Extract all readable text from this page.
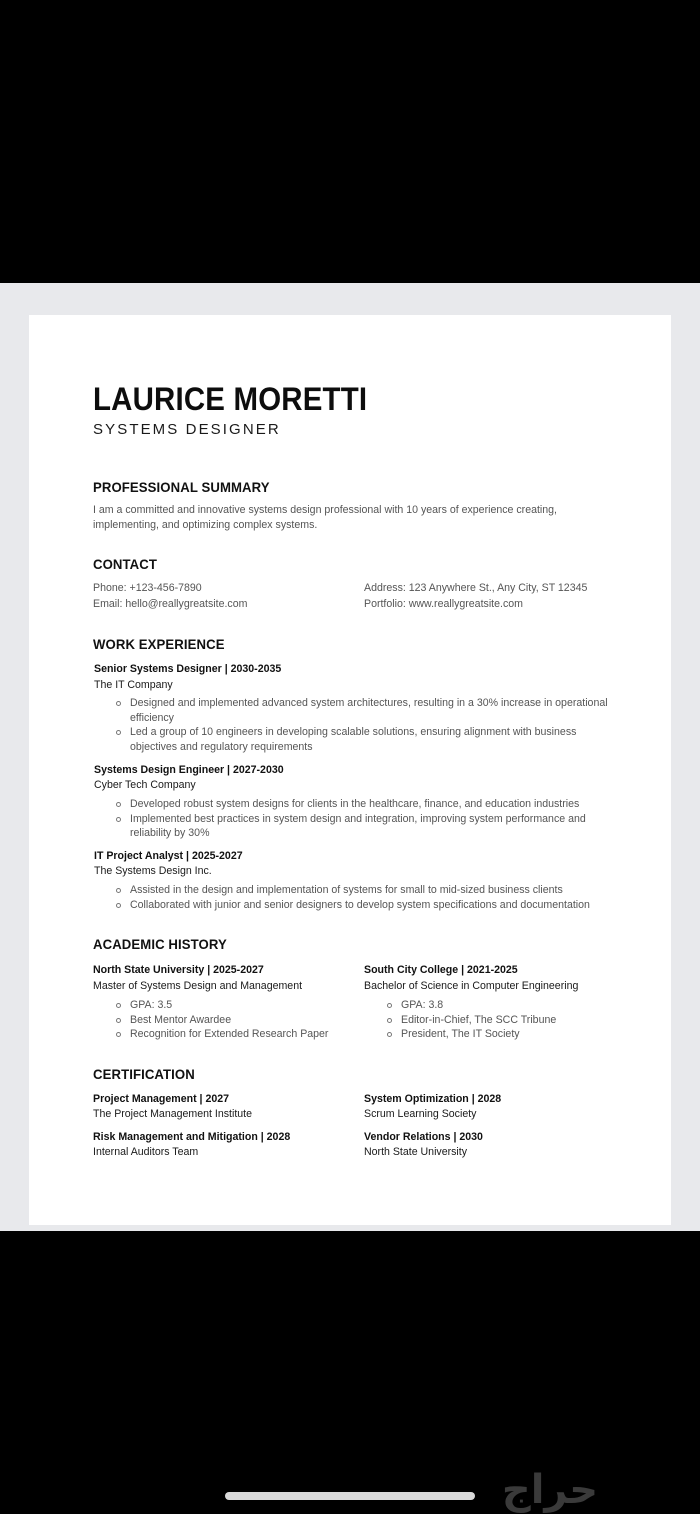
LAURICE MORETTI
SYSTEMS DESIGNER
PROFESSIONAL SUMMARY
I am a committed and innovative systems design professional with 10 years of experience creating, implementing, and optimizing complex systems.
CONTACT
Phone: +123-456-7890
Email: hello@reallygreatsite.com
Address: 123 Anywhere St., Any City, ST 12345
Portfolio: www.reallygreatsite.com
WORK EXPERIENCE
Senior Systems Designer | 2030-2035
The IT Company
Designed and implemented advanced system architectures, resulting in a 30% increase in operational efficiency
Led a group of 10 engineers in developing scalable solutions, ensuring alignment with business objectives and regulatory requirements
Systems Design Engineer | 2027-2030
Cyber Tech Company
Developed robust system designs for clients in the healthcare, finance, and education industries
Implemented best practices in system design and integration, improving system performance and reliability by 30%
IT Project Analyst | 2025-2027
The Systems Design Inc.
Assisted in the design and implementation of systems for small to mid-sized business clients
Collaborated with junior and senior designers to develop system specifications and documentation
ACADEMIC HISTORY
North State University | 2025-2027
Master of Systems Design and Management
GPA: 3.5
Best Mentor Awardee
Recognition for Extended Research Paper
South City College | 2021-2025
Bachelor of Science in Computer Engineering
GPA: 3.8
Editor-in-Chief, The SCC Tribune
President, The IT Society
CERTIFICATION
Project Management | 2027
The Project Management Institute
System Optimization | 2028
Scrum Learning Society
Risk Management and Mitigation | 2028
Internal Auditors Team
Vendor Relations | 2030
North State University
حراج
